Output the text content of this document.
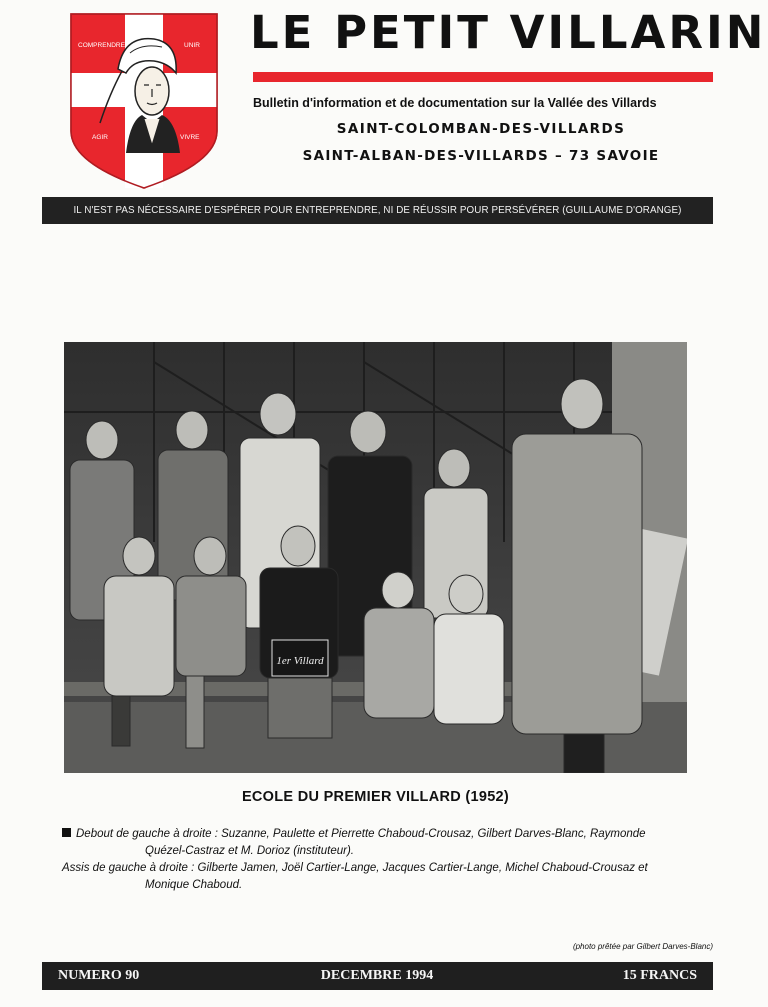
COMPRENDRE	UNIR
AGIR	VIVRE
LE PETIT VILLARIN
Bulletin d'information et de documentation sur la Vallée des Villards
SAINT-COLOMBAN-DES-VILLARDS
SAINT-ALBAN-DES-VILLARDS – 73 SAVOIE
IL N'EST PAS NÉCESSAIRE D'ESPÉRER POUR ENTREPRENDRE, NI DE RÉUSSIR POUR PERSÉVÉRER (GUILLAUME D'ORANGE)
1er Villard
ECOLE DU PREMIER VILLARD (1952)

Debout de gauche à droite : Suzanne, Paulette et Pierrette Chaboud-Crousaz, Gilbert Darves-Blanc, Raymonde

Quézel-Castraz et M. Dorioz (instituteur).

Assis de gauche à droite : Gilberte Jamen, Joël Cartier-Lange, Jacques Cartier-Lange, Michel Chaboud-Crousaz et

Monique Chaboud.

(photo prêtée par Gilbert Darves-Blanc)
NUMERO 90	DECEMBRE 1994	15 FRANCS
